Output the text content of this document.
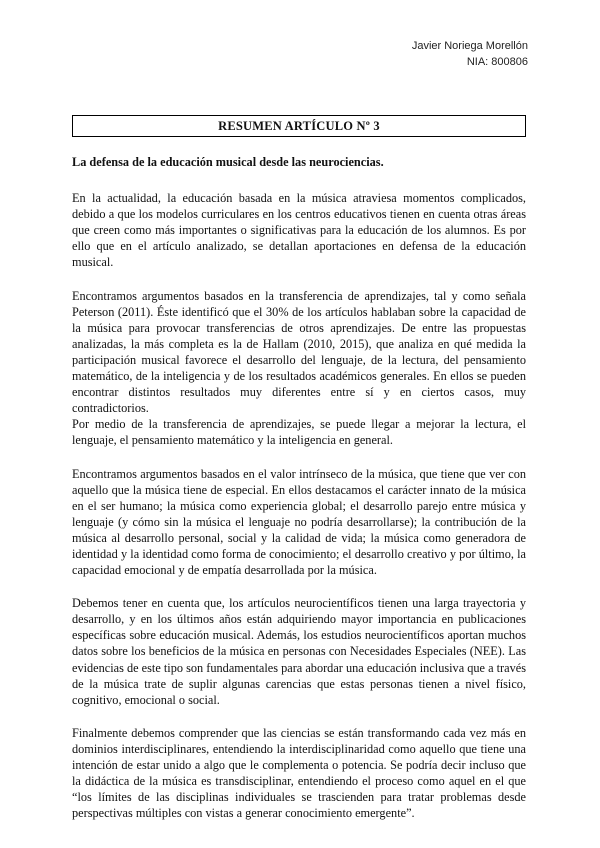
Javier Noriega Morellón
NIA: 800806
RESUMEN ARTÍCULO Nº 3
La defensa de la educación musical desde las neurociencias.

En la actualidad, la educación basada en la música atraviesa momentos complicados, debido a que los modelos curriculares en los centros educativos tienen en cuenta otras áreas que creen como más importantes o significativas para la educación de los alumnos. Es por ello que en el artículo analizado, se detallan aportaciones en defensa de la educación musical.

Encontramos argumentos basados en la transferencia de aprendizajes, tal y como señala Peterson (2011). Éste identificó que el 30% de los artículos hablaban sobre la capacidad de la música para provocar transferencias de otros aprendizajes. De entre las propuestas analizadas, la más completa es la de Hallam (2010, 2015), que analiza en qué medida la participación musical favorece el desarrollo del lenguaje, de la lectura, del pensamiento matemático, de la inteligencia y de los resultados académicos generales. En ellos se pueden encontrar distintos resultados muy diferentes entre sí y en ciertos casos, muy contradictorios.

Por medio de la transferencia de aprendizajes, se puede llegar a mejorar la lectura, el lenguaje, el pensamiento matemático y la inteligencia en general.

Encontramos argumentos basados en el valor intrínseco de la música, que tiene que ver con aquello que la música tiene de especial. En ellos destacamos el carácter innato de la música en el ser humano; la música como experiencia global; el desarrollo parejo entre música y lenguaje (y cómo sin la música el lenguaje no podría desarrollarse); la contribución de la música al desarrollo personal, social y la calidad de vida; la música como generadora de identidad y la identidad como forma de conocimiento; el desarrollo creativo y por último, la capacidad emocional y de empatía desarrollada por la música.

Debemos tener en cuenta que, los artículos neurocientíficos tienen una larga trayectoria y desarrollo, y en los últimos años están adquiriendo mayor importancia en publicaciones específicas sobre educación musical. Además, los estudios neurocientíficos aportan muchos datos sobre los beneficios de la música en personas con Necesidades Especiales (NEE). Las evidencias de este tipo son fundamentales para abordar una educación inclusiva que a través de la música trate de suplir algunas carencias que estas personas tienen a nivel físico, cognitivo, emocional o social.

Finalmente debemos comprender que las ciencias se están transformando cada vez más en dominios interdisciplinares, entendiendo la interdisciplinaridad como aquello que tiene una intención de estar unido a algo que le complementa o potencia. Se podría decir incluso que la didáctica de la música es transdisciplinar, entendiendo el proceso como aquel en el que “los límites de las disciplinas individuales se trascienden para tratar problemas desde perspectivas múltiples con vistas a generar conocimiento emergente”.
